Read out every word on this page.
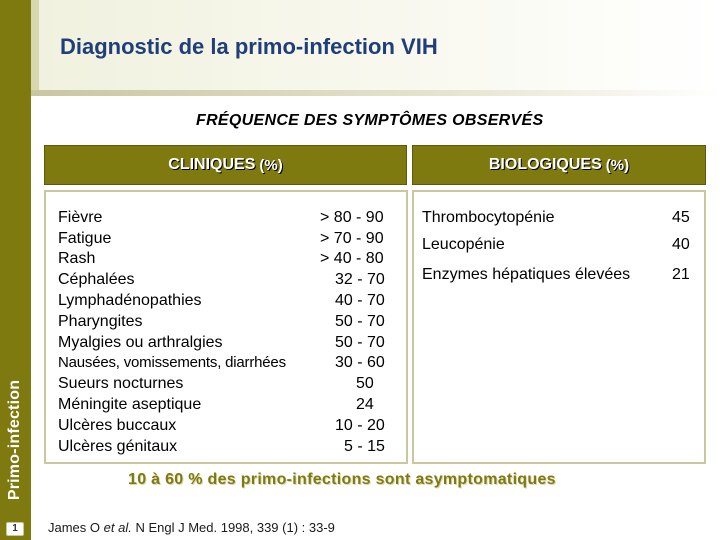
Primo-infection
1
Diagnostic de la primo-infection VIH
FRÉQUENCE DES SYMPTÔMES OBSERVÉS
CLINIQUES (%)	BIOLOGIQUES (%)
Fièvre	> 80 - 90
Fatigue	> 70 - 90
Rash	> 40 - 80
Céphalées	32 - 70
Lymphadénopathies	40 - 70
Pharyngites	50 - 70
Myalgies ou arthralgies	50 - 70
Nausées, vomissements, diarrhées	30 - 60
Sueurs nocturnes	50
Méningite aseptique	24
Ulcères buccaux	10 - 20
Ulcères génitaux	5 - 15
Thrombocytopénie	45
Leucopénie	40
Enzymes hépatiques élevées	21
10 à 60 % des primo-infections sont asymptomatiques
James O et al. N Engl J Med. 1998, 339 (1) : 33-9
